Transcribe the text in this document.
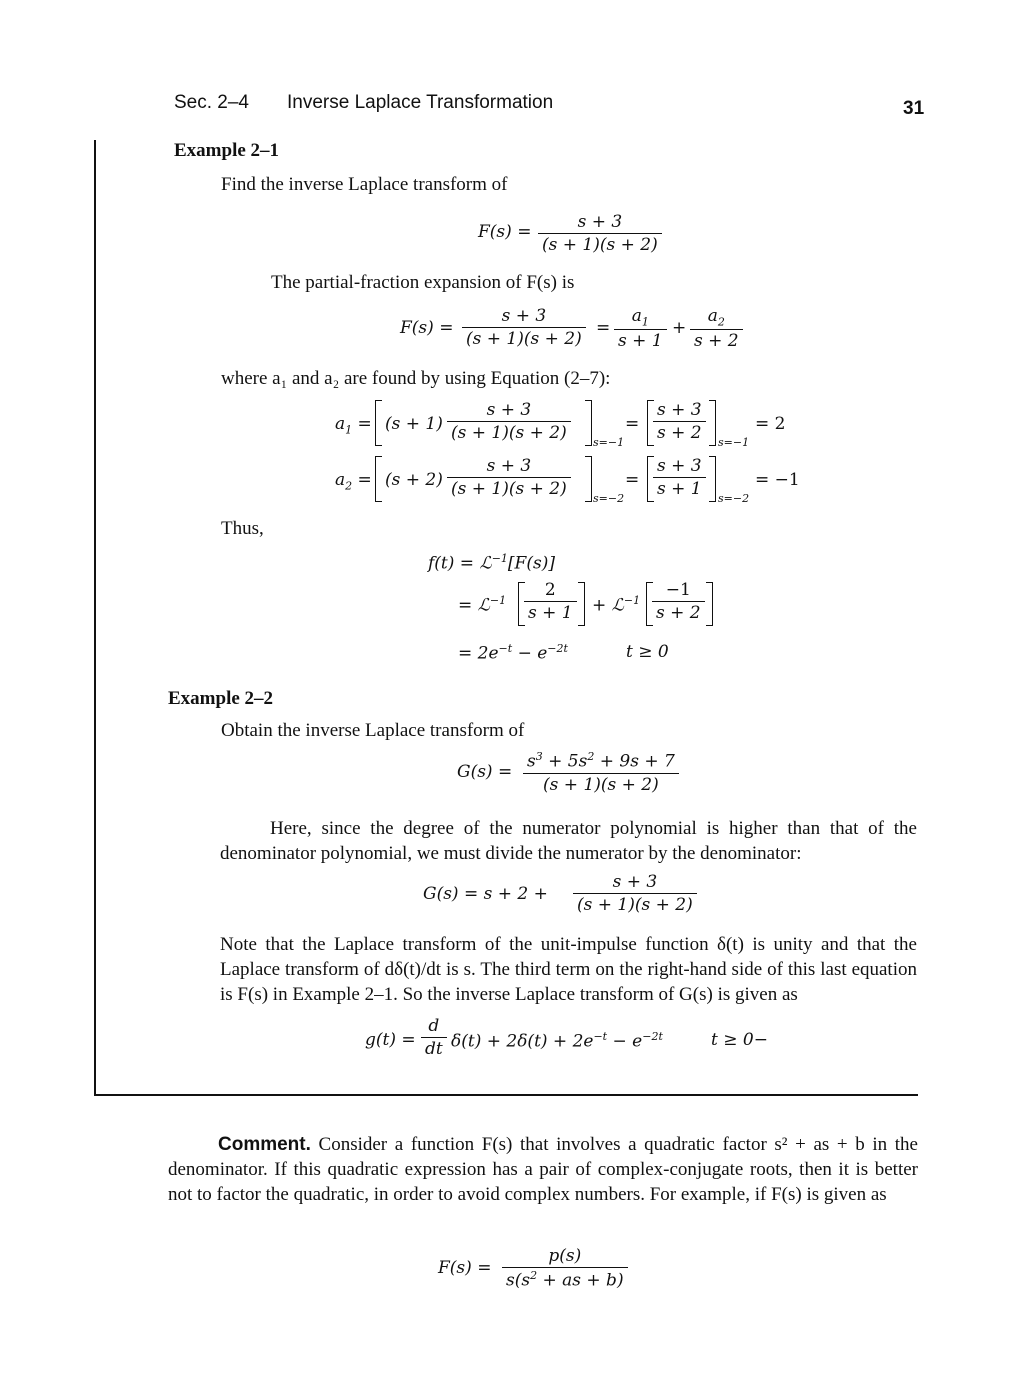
Sec. 2–4 Inverse Laplace Transformation	31
Example 2–1
Find the inverse Laplace transform of
$F(s) = \frac{s + 3}{(s + 1)(s + 2)}$
The partial-fraction expansion of F(s) is
$F(s) = \frac{s + 3}{(s + 1)(s + 2)} = \frac{a_1}{s + 1} + \frac{a_2}{s + 2}$
where a₁ and a₂ are found by using Equation (2–7):
$a_1 = (s + 1) \frac{s + 3}{(s + 1)(s + 2)} s=-1$
= $\frac{s + 3}{s + 2} s=-1$
= 2
$a_2 = (s + 2) \frac{s + 3}{(s + 1)(s + 2)} s=-2$
= $\frac{s + 3}{s + 1} s=-2$
= −1
Thus,
f(t) = ℒ$^{-1}$[F(s)]
= ℒ$^{-1}$ $\frac{2}{s + 1}$ + ℒ$^{-1}$ $\frac{-1}{s + 2}$
= $2e^{-t} - e^{-2t}$	t ≥ 0
Example 2–2
Obtain the inverse Laplace transform of
$G(s) = \frac{s^3 + 5s^2 + 9s + 7}{(s + 1)(s + 2)}$
Here, since the degree of the numerator polynomial is higher than that of the denominator polynomial, we must divide the numerator by the denominator:
$G(s) = s + 2 + \frac{s + 3}{(s + 1)(s + 2)}$
Note that the Laplace transform of the unit-impulse function δ(t) is unity and that the Laplace transform of dδ(t)/dt is s. The third term on the right-hand side of this last equation is F(s) in Example 2–1. So the inverse Laplace transform of G(s) is given as
$g(t) = \frac{d}{dt} \delta(t) + 2\delta(t) + 2e^{-t} - e^{-2t}$	t ≥ 0−
Comment. Consider a function F(s) that involves a quadratic factor s² + as + b in the denominator. If this quadratic expression has a pair of complex-conjugate roots, then it is better not to factor the quadratic, in order to avoid complex numbers. For example, if F(s) is given as
$F(s) = \frac{p(s)}{s(s^2 + as + b)}$
